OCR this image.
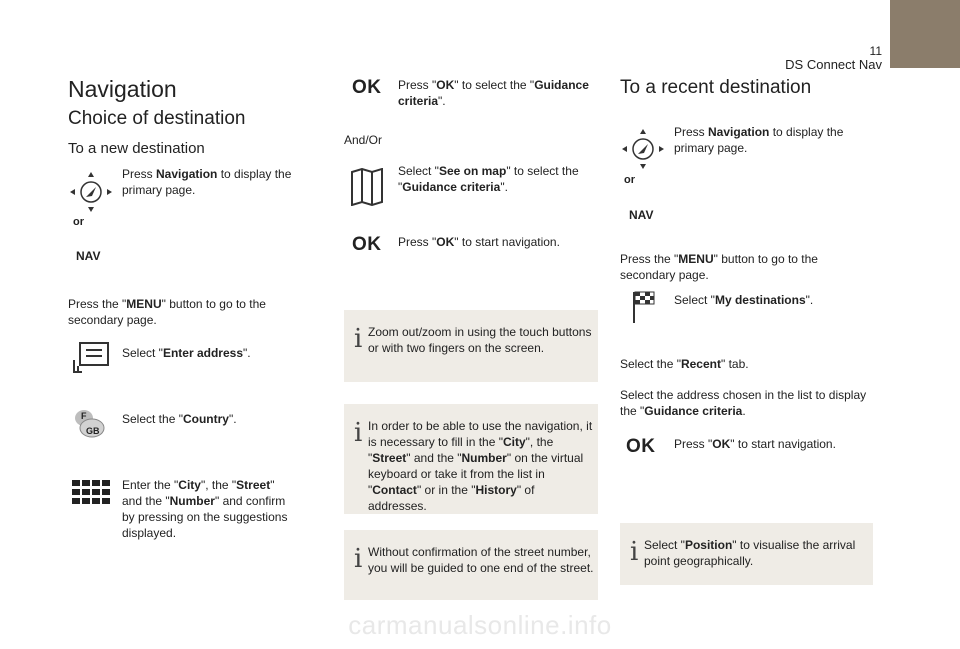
11
DS Connect Nav
Navigation
Choice of destination
To a new destination
Press Navigation to display the primary page.
or
NAV
Press the "MENU" button to go to the secondary page.
Select "Enter address".
F
GB
Select the "Country".
Enter the "City", the "Street" and the "Number" and confirm by pressing on the suggestions displayed.
OK Press "OK" to select the "Guidance criteria".
And/Or
Select "See on map" to select the "Guidance criteria".
OK Press "OK" to start navigation.
i Zoom out/zoom in using the touch buttons or with two fingers on the screen.
i In order to be able to use the navigation, it is necessary to fill in the "City", the "Street" and the "Number" on the virtual keyboard or take it from the list in "Contact" or in the "History" of addresses.
i Without confirmation of the street number, you will be guided to one end of the street.
To a recent destination
Press Navigation to display the primary page.
or
NAV
Press the "MENU" button to go to the secondary page.
Select "My destinations".
Select the "Recent" tab.
Select the address chosen in the list to display the "Guidance criteria.
OK Press "OK" to start navigation.
i Select "Position" to visualise the arrival point geographically.
carmanualsonline.info
